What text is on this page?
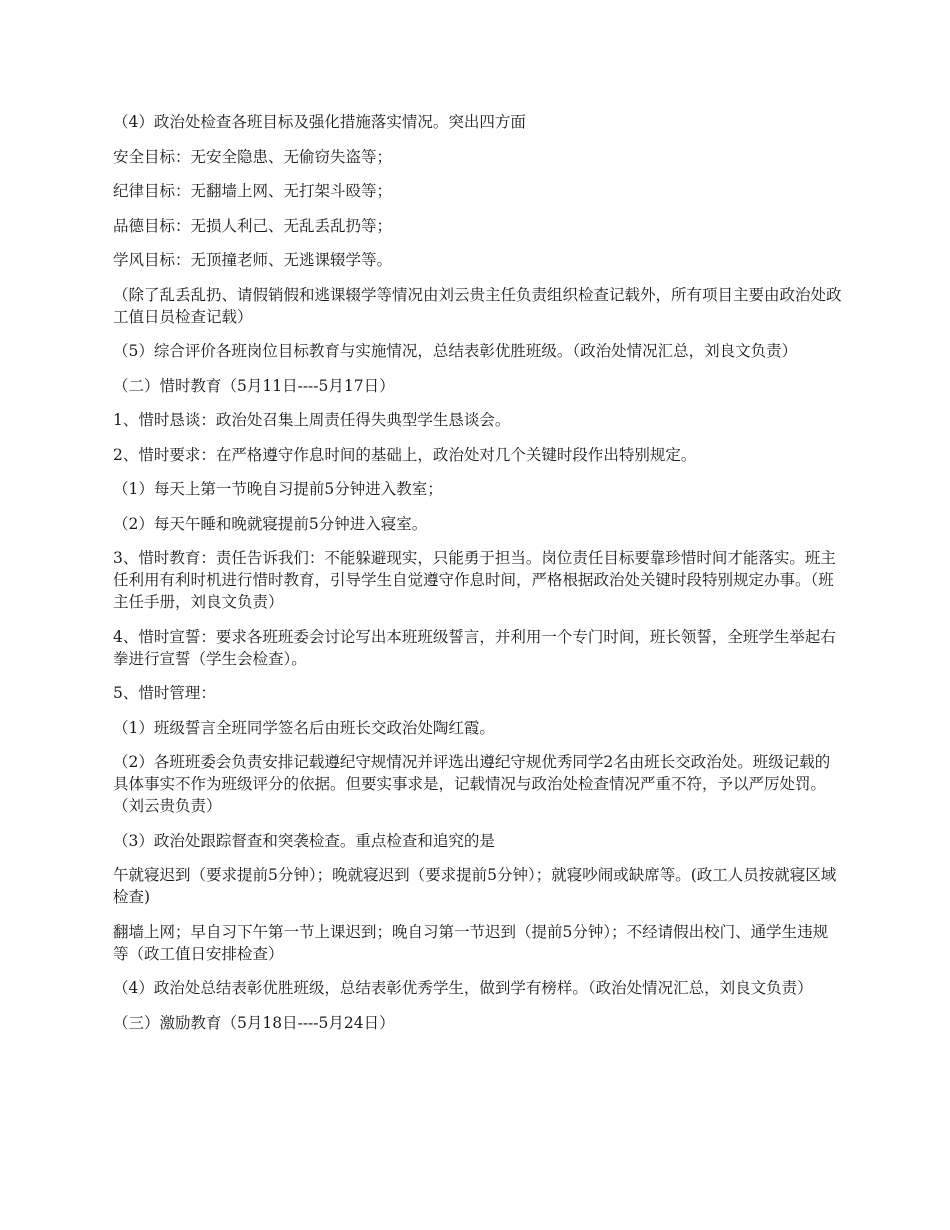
（4）政治处检查各班目标及强化措施落实情况。突出四方面

安全目标：无安全隐患、无偷窃失盗等；

纪律目标：无翻墙上网、无打架斗殴等；

品德目标：无损人利己、无乱丢乱扔等；

学风目标：无顶撞老师、无逃课辍学等。

（除了乱丢乱扔、请假销假和逃课辍学等情况由刘云贵主任负责组织检查记载外，所有项目主要由政治处政工值日员检查记载）

（5）综合评价各班岗位目标教育与实施情况，总结表彰优胜班级。（政治处情况汇总，刘良文负责）

（二）惜时教育（5月11日----5月17日）

1、惜时恳谈：政治处召集上周责任得失典型学生恳谈会。

2、惜时要求：在严格遵守作息时间的基础上，政治处对几个关键时段作出特别规定。

（1）每天上第一节晚自习提前5分钟进入教室；

（2）每天午睡和晚就寝提前5分钟进入寝室。

3、惜时教育：责任告诉我们：不能躲避现实，只能勇于担当。岗位责任目标要靠珍惜时间才能落实。班主任利用有利时机进行惜时教育，引导学生自觉遵守作息时间，严格根据政治处关键时段特别规定办事。（班主任手册，刘良文负责）

4、惜时宣誓：要求各班班委会讨论写出本班班级誓言，并利用一个专门时间，班长领誓，全班学生举起右拳进行宣誓（学生会检查）。

5、惜时管理：

（1）班级誓言全班同学签名后由班长交政治处陶红霞。

（2）各班班委会负责安排记载遵纪守规情况并评选出遵纪守规优秀同学2名由班长交政治处。班级记载的具体事实不作为班级评分的依据。但要实事求是，记载情况与政治处检查情况严重不符，予以严厉处罚。（刘云贵负责）

（3）政治处跟踪督查和突袭检查。重点检查和追究的是

午就寝迟到（要求提前5分钟）；晚就寝迟到（要求提前5分钟）；就寝吵闹或缺席等。(政工人员按就寝区域检查)

翻墙上网；早自习下午第一节上课迟到；晚自习第一节迟到（提前5分钟）；不经请假出校门、通学生违规等（政工值日安排检查）

（4）政治处总结表彰优胜班级，总结表彰优秀学生，做到学有榜样。（政治处情况汇总，刘良文负责）

（三）激励教育（5月18日----5月24日）
